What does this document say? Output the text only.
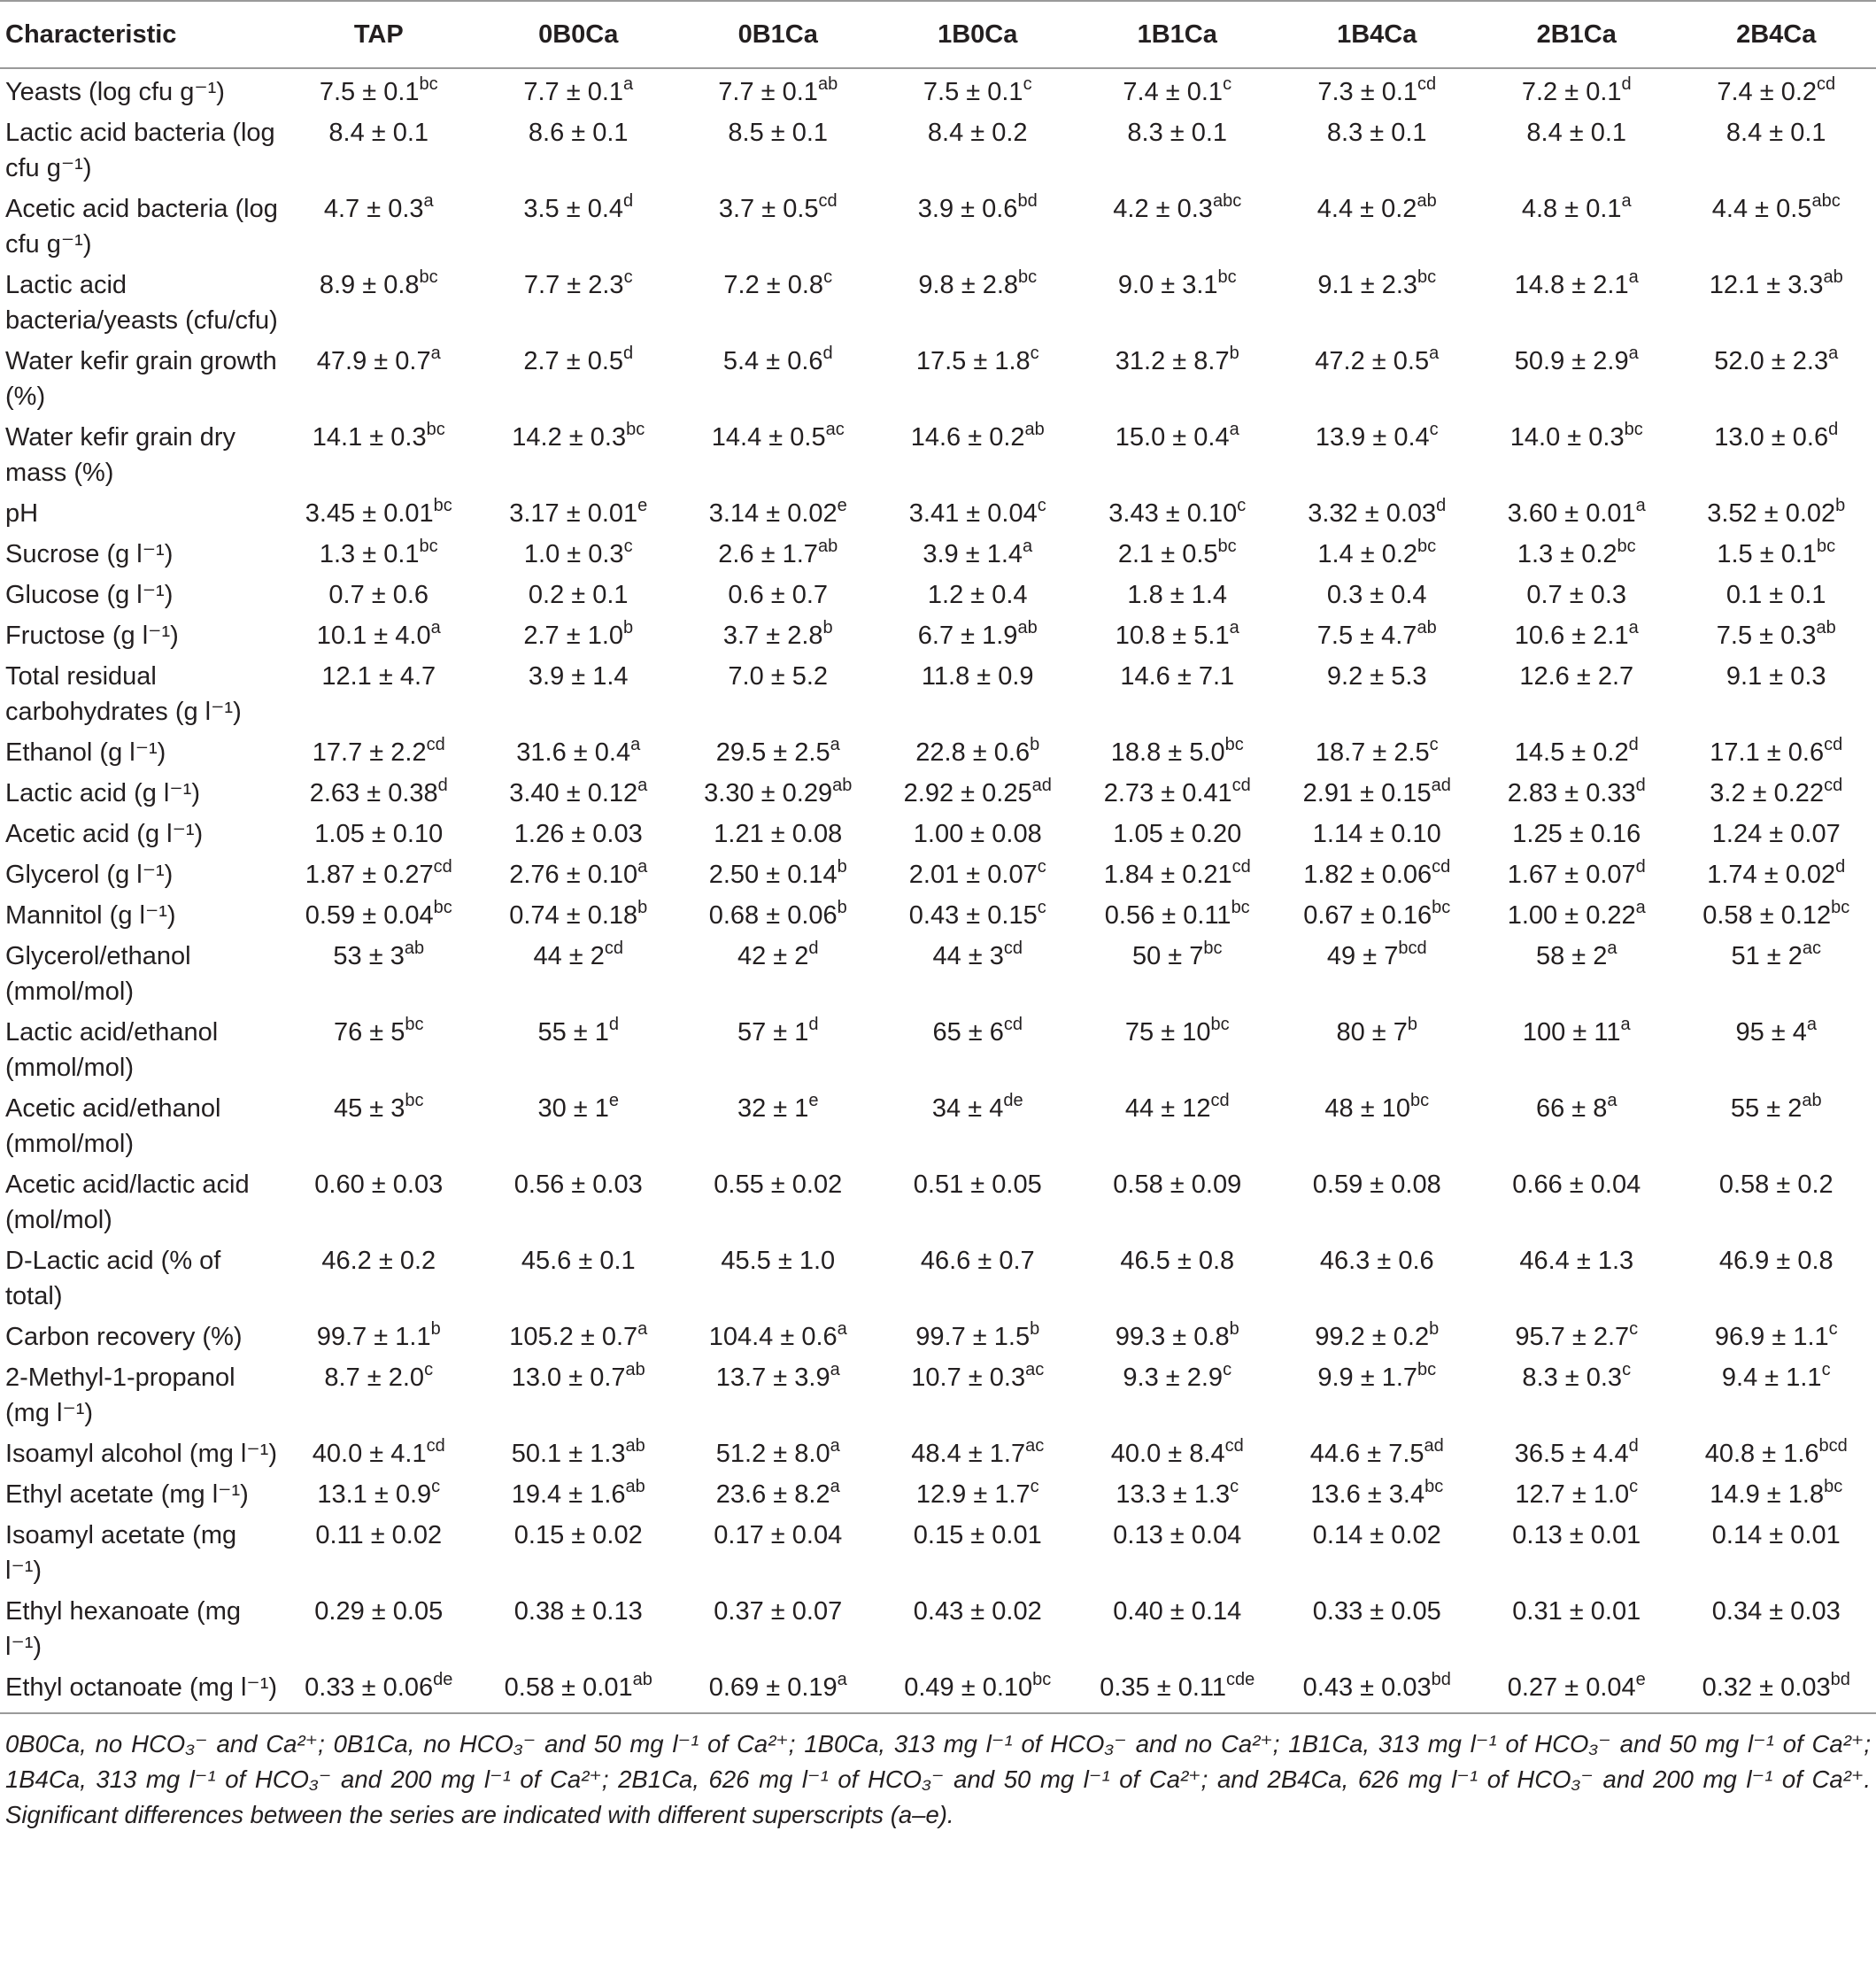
Characteristic	TAP	0B0Ca	0B1Ca	1B0Ca	1B1Ca	1B4Ca	2B1Ca	2B4Ca
Yeasts (log cfu g⁻¹)	7.5 ± 0.1$^{bc}$	7.7 ± 0.1$^a$	7.7 ± 0.1$^{ab}$	7.5 ± 0.1$^c$	7.4 ± 0.1$^c$	7.3 ± 0.1$^{cd}$	7.2 ± 0.1$^d$	7.4 ± 0.2$^{cd}$
Lactic acid bacteria (log cfu g⁻¹)	8.4 ± 0.1	8.6 ± 0.1	8.5 ± 0.1	8.4 ± 0.2	8.3 ± 0.1	8.3 ± 0.1	8.4 ± 0.1	8.4 ± 0.1
Acetic acid bacteria (log cfu g⁻¹)	4.7 ± 0.3$^a$	3.5 ± 0.4$^d$	3.7 ± 0.5$^{cd}$	3.9 ± 0.6$^{bd}$	4.2 ± 0.3$^{abc}$	4.4 ± 0.2$^{ab}$	4.8 ± 0.1$^a$	4.4 ± 0.5$^{abc}$
Lactic acid bacteria/yeasts (cfu/cfu)	8.9 ± 0.8$^{bc}$	7.7 ± 2.3$^c$	7.2 ± 0.8$^c$	9.8 ± 2.8$^{bc}$	9.0 ± 3.1$^{bc}$	9.1 ± 2.3$^{bc}$	14.8 ± 2.1$^a$	12.1 ± 3.3$^{ab}$
Water kefir grain growth (%)	47.9 ± 0.7$^a$	2.7 ± 0.5$^d$	5.4 ± 0.6$^d$	17.5 ± 1.8$^c$	31.2 ± 8.7$^b$	47.2 ± 0.5$^a$	50.9 ± 2.9$^a$	52.0 ± 2.3$^a$
Water kefir grain dry mass (%)	14.1 ± 0.3$^{bc}$	14.2 ± 0.3$^{bc}$	14.4 ± 0.5$^{ac}$	14.6 ± 0.2$^{ab}$	15.0 ± 0.4$^a$	13.9 ± 0.4$^c$	14.0 ± 0.3$^{bc}$	13.0 ± 0.6$^d$
pH	3.45 ± 0.01$^{bc}$	3.17 ± 0.01$^e$	3.14 ± 0.02$^e$	3.41 ± 0.04$^c$	3.43 ± 0.10$^c$	3.32 ± 0.03$^d$	3.60 ± 0.01$^a$	3.52 ± 0.02$^b$
Sucrose (g l⁻¹)	1.3 ± 0.1$^{bc}$	1.0 ± 0.3$^c$	2.6 ± 1.7$^{ab}$	3.9 ± 1.4$^a$	2.1 ± 0.5$^{bc}$	1.4 ± 0.2$^{bc}$	1.3 ± 0.2$^{bc}$	1.5 ± 0.1$^{bc}$
Glucose (g l⁻¹)	0.7 ± 0.6	0.2 ± 0.1	0.6 ± 0.7	1.2 ± 0.4	1.8 ± 1.4	0.3 ± 0.4	0.7 ± 0.3	0.1 ± 0.1
Fructose (g l⁻¹)	10.1 ± 4.0$^a$	2.7 ± 1.0$^b$	3.7 ± 2.8$^b$	6.7 ± 1.9$^{ab}$	10.8 ± 5.1$^a$	7.5 ± 4.7$^{ab}$	10.6 ± 2.1$^a$	7.5 ± 0.3$^{ab}$
Total residual carbohydrates (g l⁻¹)	12.1 ± 4.7	3.9 ± 1.4	7.0 ± 5.2	11.8 ± 0.9	14.6 ± 7.1	9.2 ± 5.3	12.6 ± 2.7	9.1 ± 0.3
Ethanol (g l⁻¹)	17.7 ± 2.2$^{cd}$	31.6 ± 0.4$^a$	29.5 ± 2.5$^a$	22.8 ± 0.6$^b$	18.8 ± 5.0$^{bc}$	18.7 ± 2.5$^c$	14.5 ± 0.2$^d$	17.1 ± 0.6$^{cd}$
Lactic acid (g l⁻¹)	2.63 ± 0.38$^d$	3.40 ± 0.12$^a$	3.30 ± 0.29$^{ab}$	2.92 ± 0.25$^{ad}$	2.73 ± 0.41$^{cd}$	2.91 ± 0.15$^{ad}$	2.83 ± 0.33$^d$	3.2 ± 0.22$^{cd}$
Acetic acid (g l⁻¹)	1.05 ± 0.10	1.26 ± 0.03	1.21 ± 0.08	1.00 ± 0.08	1.05 ± 0.20	1.14 ± 0.10	1.25 ± 0.16	1.24 ± 0.07
Glycerol (g l⁻¹)	1.87 ± 0.27$^{cd}$	2.76 ± 0.10$^a$	2.50 ± 0.14$^b$	2.01 ± 0.07$^c$	1.84 ± 0.21$^{cd}$	1.82 ± 0.06$^{cd}$	1.67 ± 0.07$^d$	1.74 ± 0.02$^d$
Mannitol (g l⁻¹)	0.59 ± 0.04$^{bc}$	0.74 ± 0.18$^b$	0.68 ± 0.06$^b$	0.43 ± 0.15$^c$	0.56 ± 0.11$^{bc}$	0.67 ± 0.16$^{bc}$	1.00 ± 0.22$^a$	0.58 ± 0.12$^{bc}$
Glycerol/ethanol (mmol/mol)	$53 \pm 3^{ab}$	$44 \pm 2^{cd}$	$42 \pm 2^d$	$44 \pm 3^{cd}$	$50 \pm 7^{bc}$	$49 \pm 7^{bcd}$	$58 \pm 2^a$	$51 \pm 2^{ac}$
Lactic acid/ethanol (mmol/mol)	$76 \pm 5^{bc}$	$55 \pm 1^d$	$57 \pm 1^d$	$65 \pm 6^{cd}$	$75 \pm 10^{bc}$	$80 \pm 7^b$	$100 \pm 11^a$	$95 \pm 4^a$
Acetic acid/ethanol (mmol/mol)	$45 \pm 3^{bc}$	$30 \pm 1^e$	$32 \pm 1^e$	34 ± 4de	$44 \pm 12^{cd}$	$48 \pm 10^{bc}$	$66 \pm 8^a$	$55 \pm 2^{ab}$
Acetic acid/lactic acid (mol/mol)	0.60 ± 0.03	0.56 ± 0.03	0.55 ± 0.02	0.51 ± 0.05	0.58 ± 0.09	0.59 ± 0.08	0.66 ± 0.04	0.58 ± 0.2
D-Lactic acid (% of total)	46.2 ± 0.2	45.6 ± 0.1	45.5 ± 1.0	46.6 ± 0.7	46.5 ± 0.8	46.3 ± 0.6	46.4 ± 1.3	46.9 ± 0.8
Carbon recovery (%)	99.7 ± 1.1$^b$	105.2 ± 0.7$^a$	104.4 ± 0.6$^a$	99.7 ± 1.5$^b$	99.3 ± 0.8$^b$	99.2 ± 0.2$^b$	95.7 ± 2.7$^c$	96.9 ± 1.1$^c$
2-Methyl-1-propanol (mg l⁻¹)	8.7 ± 2.0$^c$	13.0 ± 0.7$^{ab}$	13.7 ± 3.9$^a$	10.7 ± 0.3$^{ac}$	9.3 ± 2.9$^c$	9.9 ± 1.7$^{bc}$	8.3 ± 0.3$^c$	9.4 ± 1.1$^c$
Isoamyl alcohol (mg l⁻¹)	40.0 ± 4.1$^{cd}$	50.1 ± 1.3$^{ab}$	51.2 ± 8.0$^a$	48.4 ± 1.7$^{ac}$	40.0 ± 8.4$^{cd}$	44.6 ± 7.5$^{ad}$	36.5 ± 4.4$^d$	40.8 ± 1.6$^{bcd}$
Ethyl acetate (mg l⁻¹)	13.1 ± 0.9$^c$	19.4 ± 1.6$^{ab}$	23.6 ± 8.2$^a$	12.9 ± 1.7$^c$	13.3 ± 1.3$^c$	13.6 ± 3.4$^{bc}$	12.7 ± 1.0$^c$	14.9 ± 1.8$^{bc}$
Isoamyl acetate (mg l⁻¹)	0.11 ± 0.02	0.15 ± 0.02	0.17 ± 0.04	0.15 ± 0.01	0.13 ± 0.04	0.14 ± 0.02	0.13 ± 0.01	0.14 ± 0.01
Ethyl hexanoate (mg l⁻¹)	0.29 ± 0.05	0.38 ± 0.13	0.37 ± 0.07	0.43 ± 0.02	0.40 ± 0.14	0.33 ± 0.05	0.31 ± 0.01	0.34 ± 0.03
Ethyl octanoate (mg l⁻¹)	0.33 ± 0.06de	0.58 ± 0.01$^{ab}$	0.69 ± 0.19$^a$	0.49 ± 0.10$^{bc}$	0.35 ± 0.11$^{cde}$	0.43 ± 0.03$^{bd}$	0.27 ± 0.04$^e$	0.32 ± 0.03$^{bd}$
0B0Ca, no HCO₃⁻ and Ca²⁺; 0B1Ca, no HCO₃⁻ and 50 mg l⁻¹ of Ca²⁺; 1B0Ca, 313 mg l⁻¹ of HCO₃⁻ and no Ca²⁺; 1B1Ca, 313 mg l⁻¹ of HCO₃⁻ and 50 mg l⁻¹ of Ca²⁺; 1B4Ca, 313 mg l⁻¹ of HCO₃⁻ and 200 mg l⁻¹ of Ca²⁺; 2B1Ca, 626 mg l⁻¹ of HCO₃⁻ and 50 mg l⁻¹ of Ca²⁺; and 2B4Ca, 626 mg l⁻¹ of HCO₃⁻ and 200 mg l⁻¹ of Ca²⁺. Significant differences between the series are indicated with different superscripts (a–e).
